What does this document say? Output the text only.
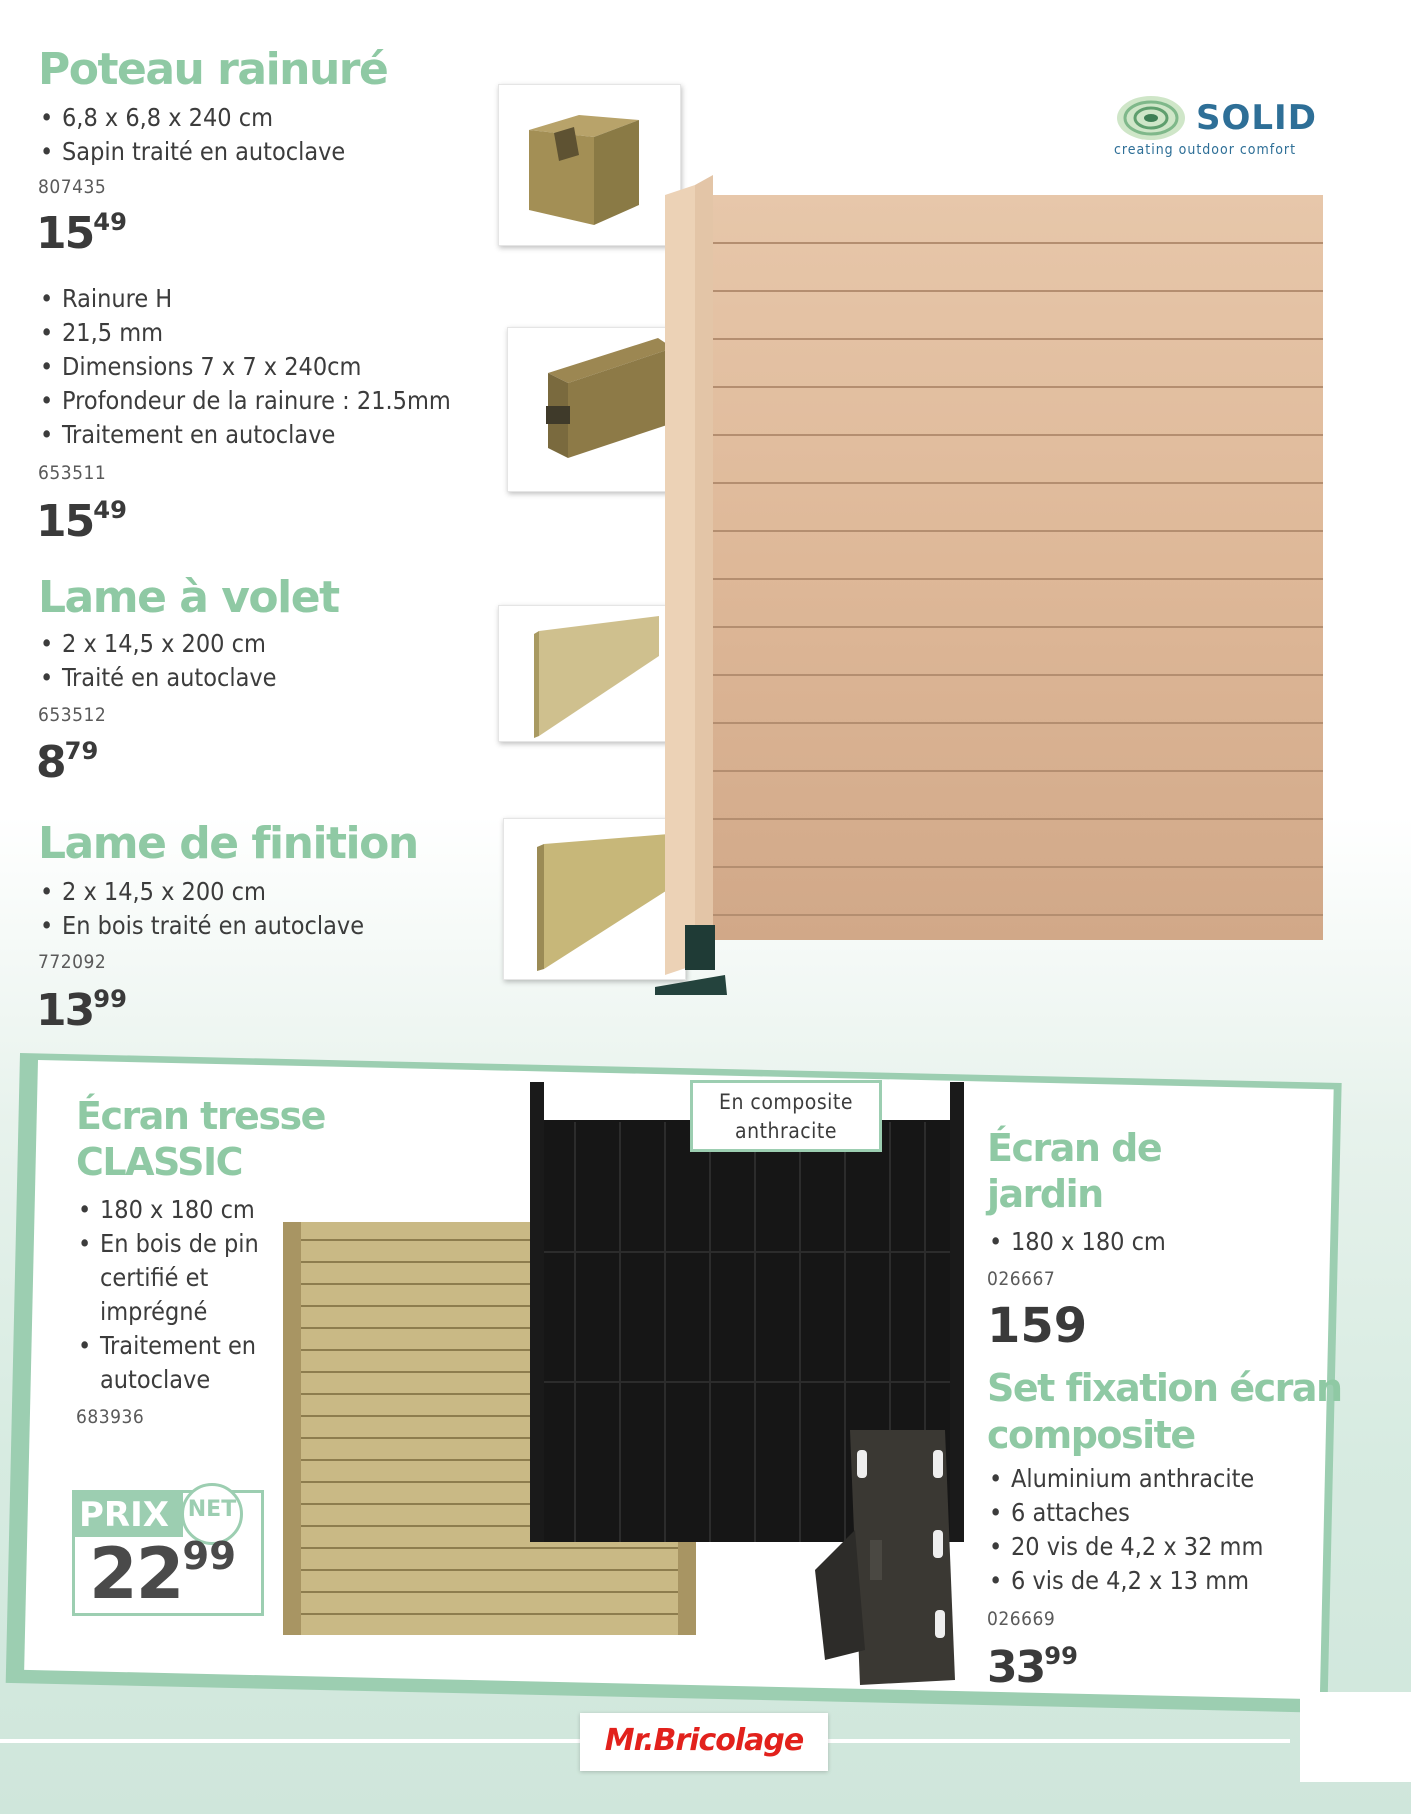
Poteau rainuré
• 6,8 x 6,8 x 240 cm
• Sapin traité en autoclave
807435
$15^{49}$
• Rainure H
• 21,5 mm
• Dimensions 7 x 7 x 240cm
• Profondeur de la rainure : 21.5mm
• Traitement en autoclave
653511
$15^{49}$
Lame à volet
• 2 x 14,5 x 200 cm
• Traité en autoclave
653512
$8^{79}$
Lame de finition
• 2 x 14,5 x 200 cm
• En bois traité en autoclave
772092
$13^{99}$
SOLID
creating outdoor comfort
Écran tresse
CLASSIC
• 180 x 180 cm
• En bois de pin certifié et imprégné
• Traitement en autoclave
683936
PRIX NET
$22^{99}$
En composite anthracite	Écran de
jardin
• 180 x 180 cm
026667
159
Set fixation écran
composite
• Aluminium anthracite
• 6 attaches
• 20 vis de 4,2 x 32 mm
• 6 vis de 4,2 x 13 mm
026669
$33^{99}$
Mr.Bricolage	5
